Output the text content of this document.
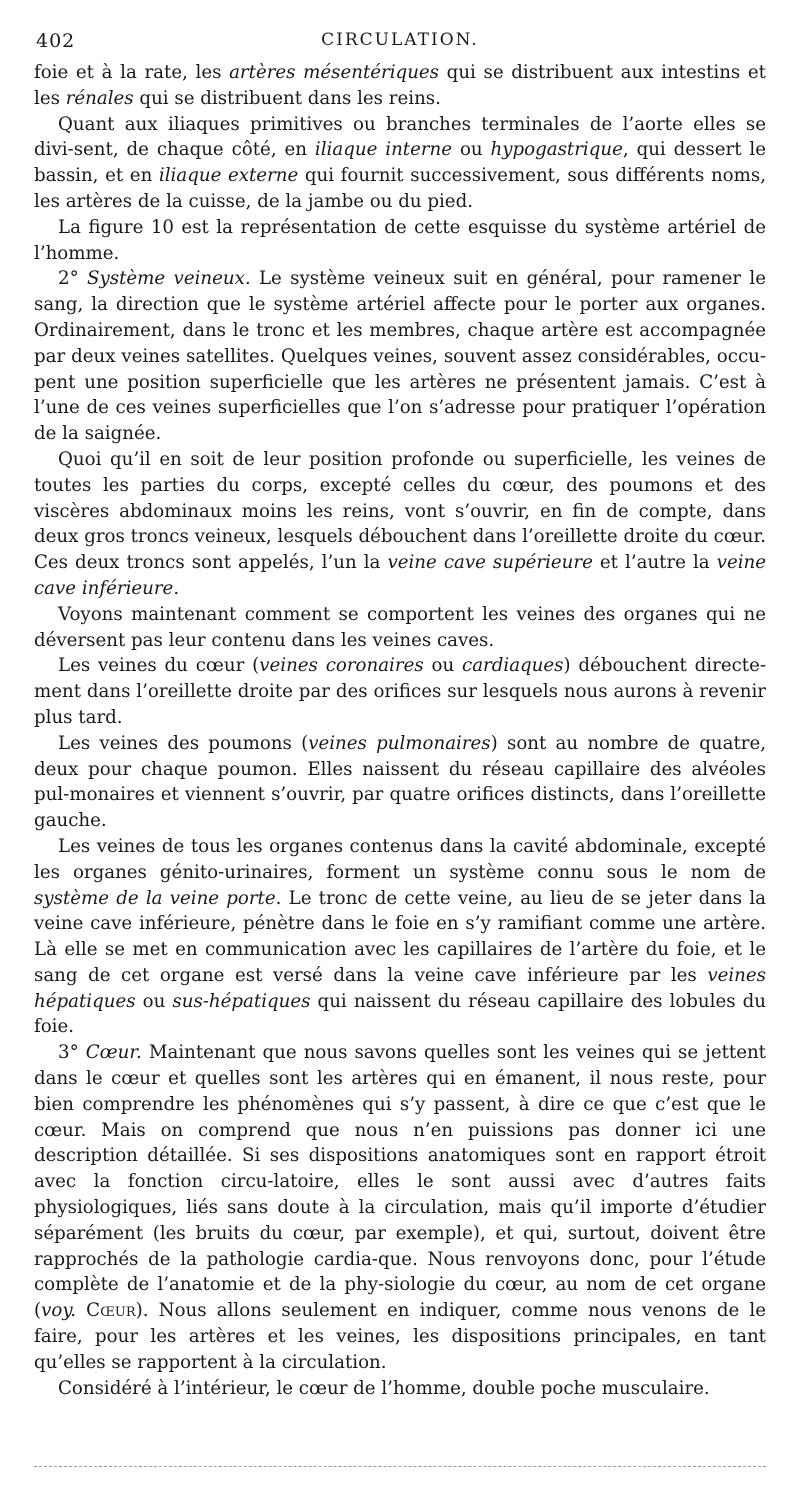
402	CIRCULATION.

foie et à la rate, les artères mésentériques qui se distribuent aux intestins et les rénales qui se distribuent dans les reins.

Quant aux iliaques primitives ou branches terminales de l’aorte elles se divi-sent, de chaque côté, en iliaque interne ou hypogastrique, qui dessert le bassin, et en iliaque externe qui fournit successivement, sous différents noms, les artères de la cuisse, de la jambe ou du pied.

La figure 10 est la représentation de cette esquisse du système artériel de l’homme.

2° Système veineux. Le système veineux suit en général, pour ramener le sang, la direction que le système artériel affecte pour le porter aux organes. Ordinairement, dans le tronc et les membres, chaque artère est accompagnée par deux veines satellites. Quelques veines, souvent assez considérables, occu-pent une position superficielle que les artères ne présentent jamais. C’est à l’une de ces veines superficielles que l’on s’adresse pour pratiquer l’opération de la saignée.

Quoi qu’il en soit de leur position profonde ou superficielle, les veines de toutes les parties du corps, excepté celles du cœur, des poumons et des viscères abdominaux moins les reins, vont s’ouvrir, en fin de compte, dans deux gros troncs veineux, lesquels débouchent dans l’oreillette droite du cœur. Ces deux troncs sont appelés, l’un la veine cave supérieure et l’autre la veine cave inférieure.

Voyons maintenant comment se comportent les veines des organes qui ne déversent pas leur contenu dans les veines caves.

Les veines du cœur (veines coronaires ou cardiaques) débouchent directe-ment dans l’oreillette droite par des orifices sur lesquels nous aurons à revenir plus tard.

Les veines des poumons (veines pulmonaires) sont au nombre de quatre, deux pour chaque poumon. Elles naissent du réseau capillaire des alvéoles pul-monaires et viennent s’ouvrir, par quatre orifices distincts, dans l’oreillette gauche.

Les veines de tous les organes contenus dans la cavité abdominale, excepté les organes génito-urinaires, forment un système connu sous le nom de système de la veine porte. Le tronc de cette veine, au lieu de se jeter dans la veine cave inférieure, pénètre dans le foie en s’y ramifiant comme une artère. Là elle se met en communication avec les capillaires de l’artère du foie, et le sang de cet organe est versé dans la veine cave inférieure par les veines hépatiques ou sus-hépatiques qui naissent du réseau capillaire des lobules du foie.

3° Cœur. Maintenant que nous savons quelles sont les veines qui se jettent dans le cœur et quelles sont les artères qui en émanent, il nous reste, pour bien comprendre les phénomènes qui s’y passent, à dire ce que c’est que le cœur. Mais on comprend que nous n’en puissions pas donner ici une description détaillée. Si ses dispositions anatomiques sont en rapport étroit avec la fonction circu-latoire, elles le sont aussi avec d’autres faits physiologiques, liés sans doute à la circulation, mais qu’il importe d’étudier séparément (les bruits du cœur, par exemple), et qui, surtout, doivent être rapprochés de la pathologie cardia-que. Nous renvoyons donc, pour l’étude complète de l’anatomie et de la phy-siologie du cœur, au nom de cet organe (voy. Cœur). Nous allons seulement en indiquer, comme nous venons de le faire, pour les artères et les veines, les dispositions principales, en tant qu’elles se rapportent à la circulation.

Considéré à l’intérieur, le cœur de l’homme, double poche musculaire.
